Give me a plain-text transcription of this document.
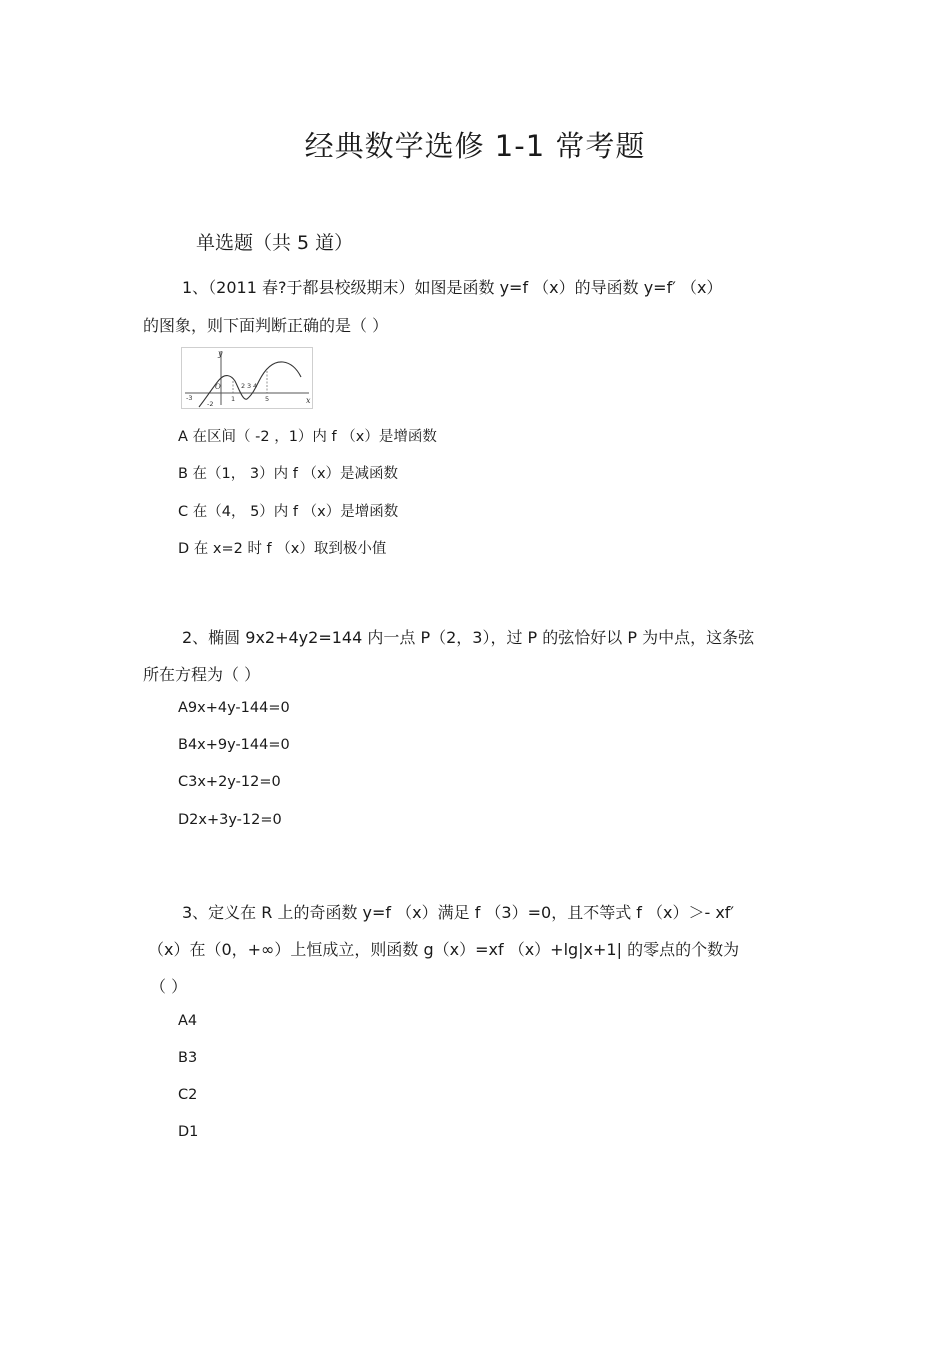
经典数学选修 1-1 常考题
单选题（共 5 道）
1、（2011 春?于都县校级期末）如图是函数 y=f （x）的导函数 y=f′ （x）
的图象，则下面判断正确的是（ ）
y
x
O
-3
-2
1
2 3 4
5
A 在区间（ -2 ，1）内 f （x）是增函数
B 在（1， 3）内 f （x）是减函数
C 在（4， 5）内 f （x）是增函数
D 在 x=2 时 f （x）取到极小值
2、椭圆 9x2+4y2=144 内一点 P（2，3），过 P 的弦恰好以 P 为中点，这条弦
所在方程为（ ）
A9x+4y-144=0
B4x+9y-144=0
C3x+2y-12=0
D2x+3y-12=0
3、定义在 R 上的奇函数 y=f （x）满足 f （3）=0，且不等式 f （x）＞- xf′
（x）在（0，+∞）上恒成立，则函数 g（x）=xf （x）+lg|x+1| 的零点的个数为
（ ）
A4
B3
C2
D1
